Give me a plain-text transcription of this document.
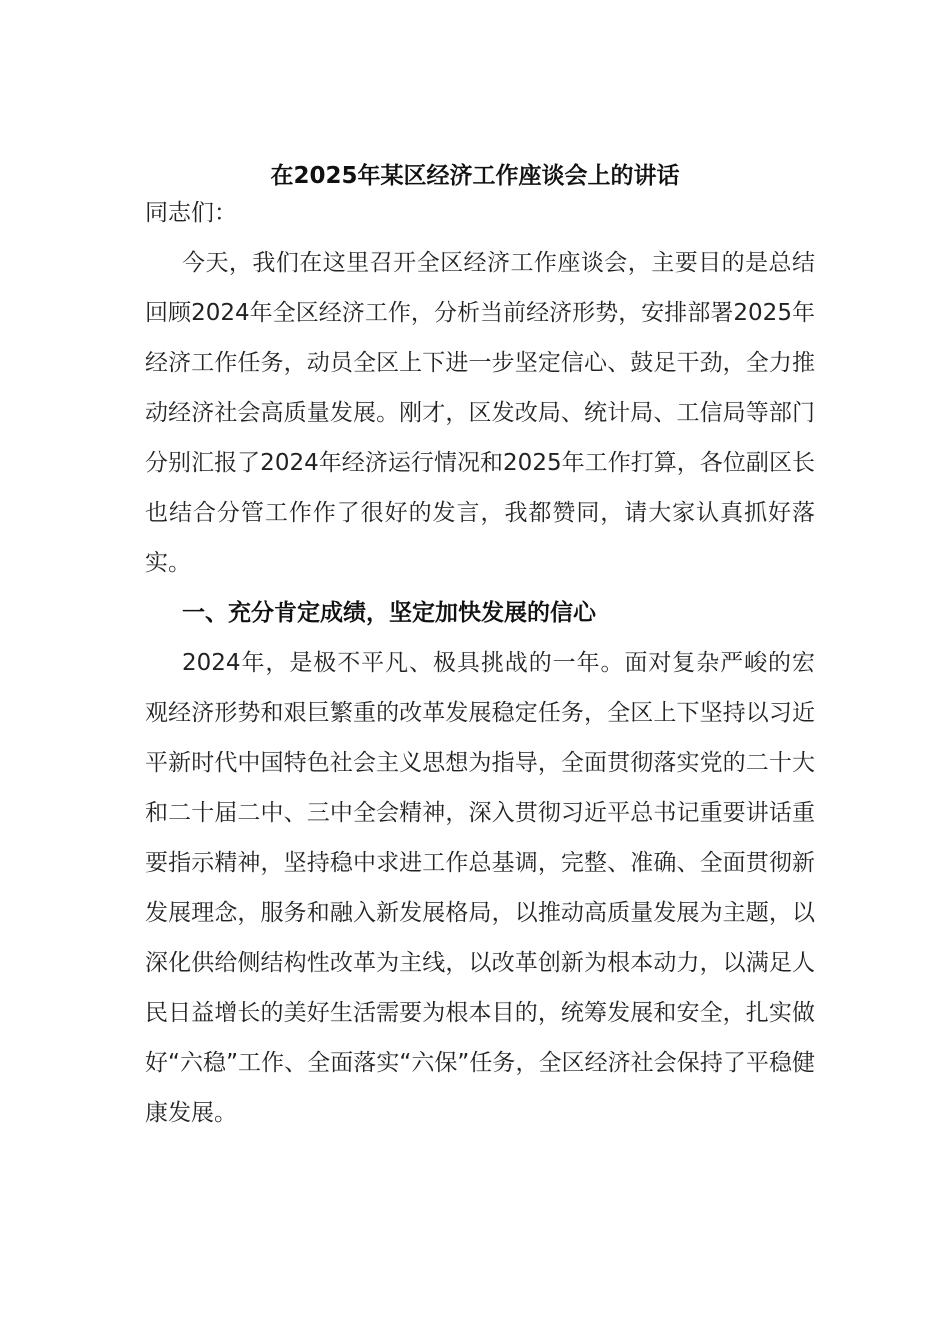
在2025年某区经济工作座谈会上的讲话

同志们：

今天，我们在这里召开全区经济工作座谈会，主要目的是总结回顾2024年全区经济工作，分析当前经济形势，安排部署2025年经济工作任务，动员全区上下进一步坚定信心、鼓足干劲，全力推动经济社会高质量发展。刚才，区发改局、统计局、工信局等部门分别汇报了2024年经济运行情况和2025年工作打算，各位副区长也结合分管工作作了很好的发言，我都赞同，请大家认真抓好落实。

一、充分肯定成绩，坚定加快发展的信心

2024年，是极不平凡、极具挑战的一年。面对复杂严峻的宏观经济形势和艰巨繁重的改革发展稳定任务，全区上下坚持以习近平新时代中国特色社会主义思想为指导，全面贯彻落实党的二十大和二十届二中、三中全会精神，深入贯彻习近平总书记重要讲话重要指示精神，坚持稳中求进工作总基调，完整、准确、全面贯彻新发展理念，服务和融入新发展格局，以推动高质量发展为主题，以深化供给侧结构性改革为主线，以改革创新为根本动力，以满足人民日益增长的美好生活需要为根本目的，统筹发展和安全，扎实做好“六稳”工作、全面落实“六保”任务，全区经济社会保持了平稳健康发展。
